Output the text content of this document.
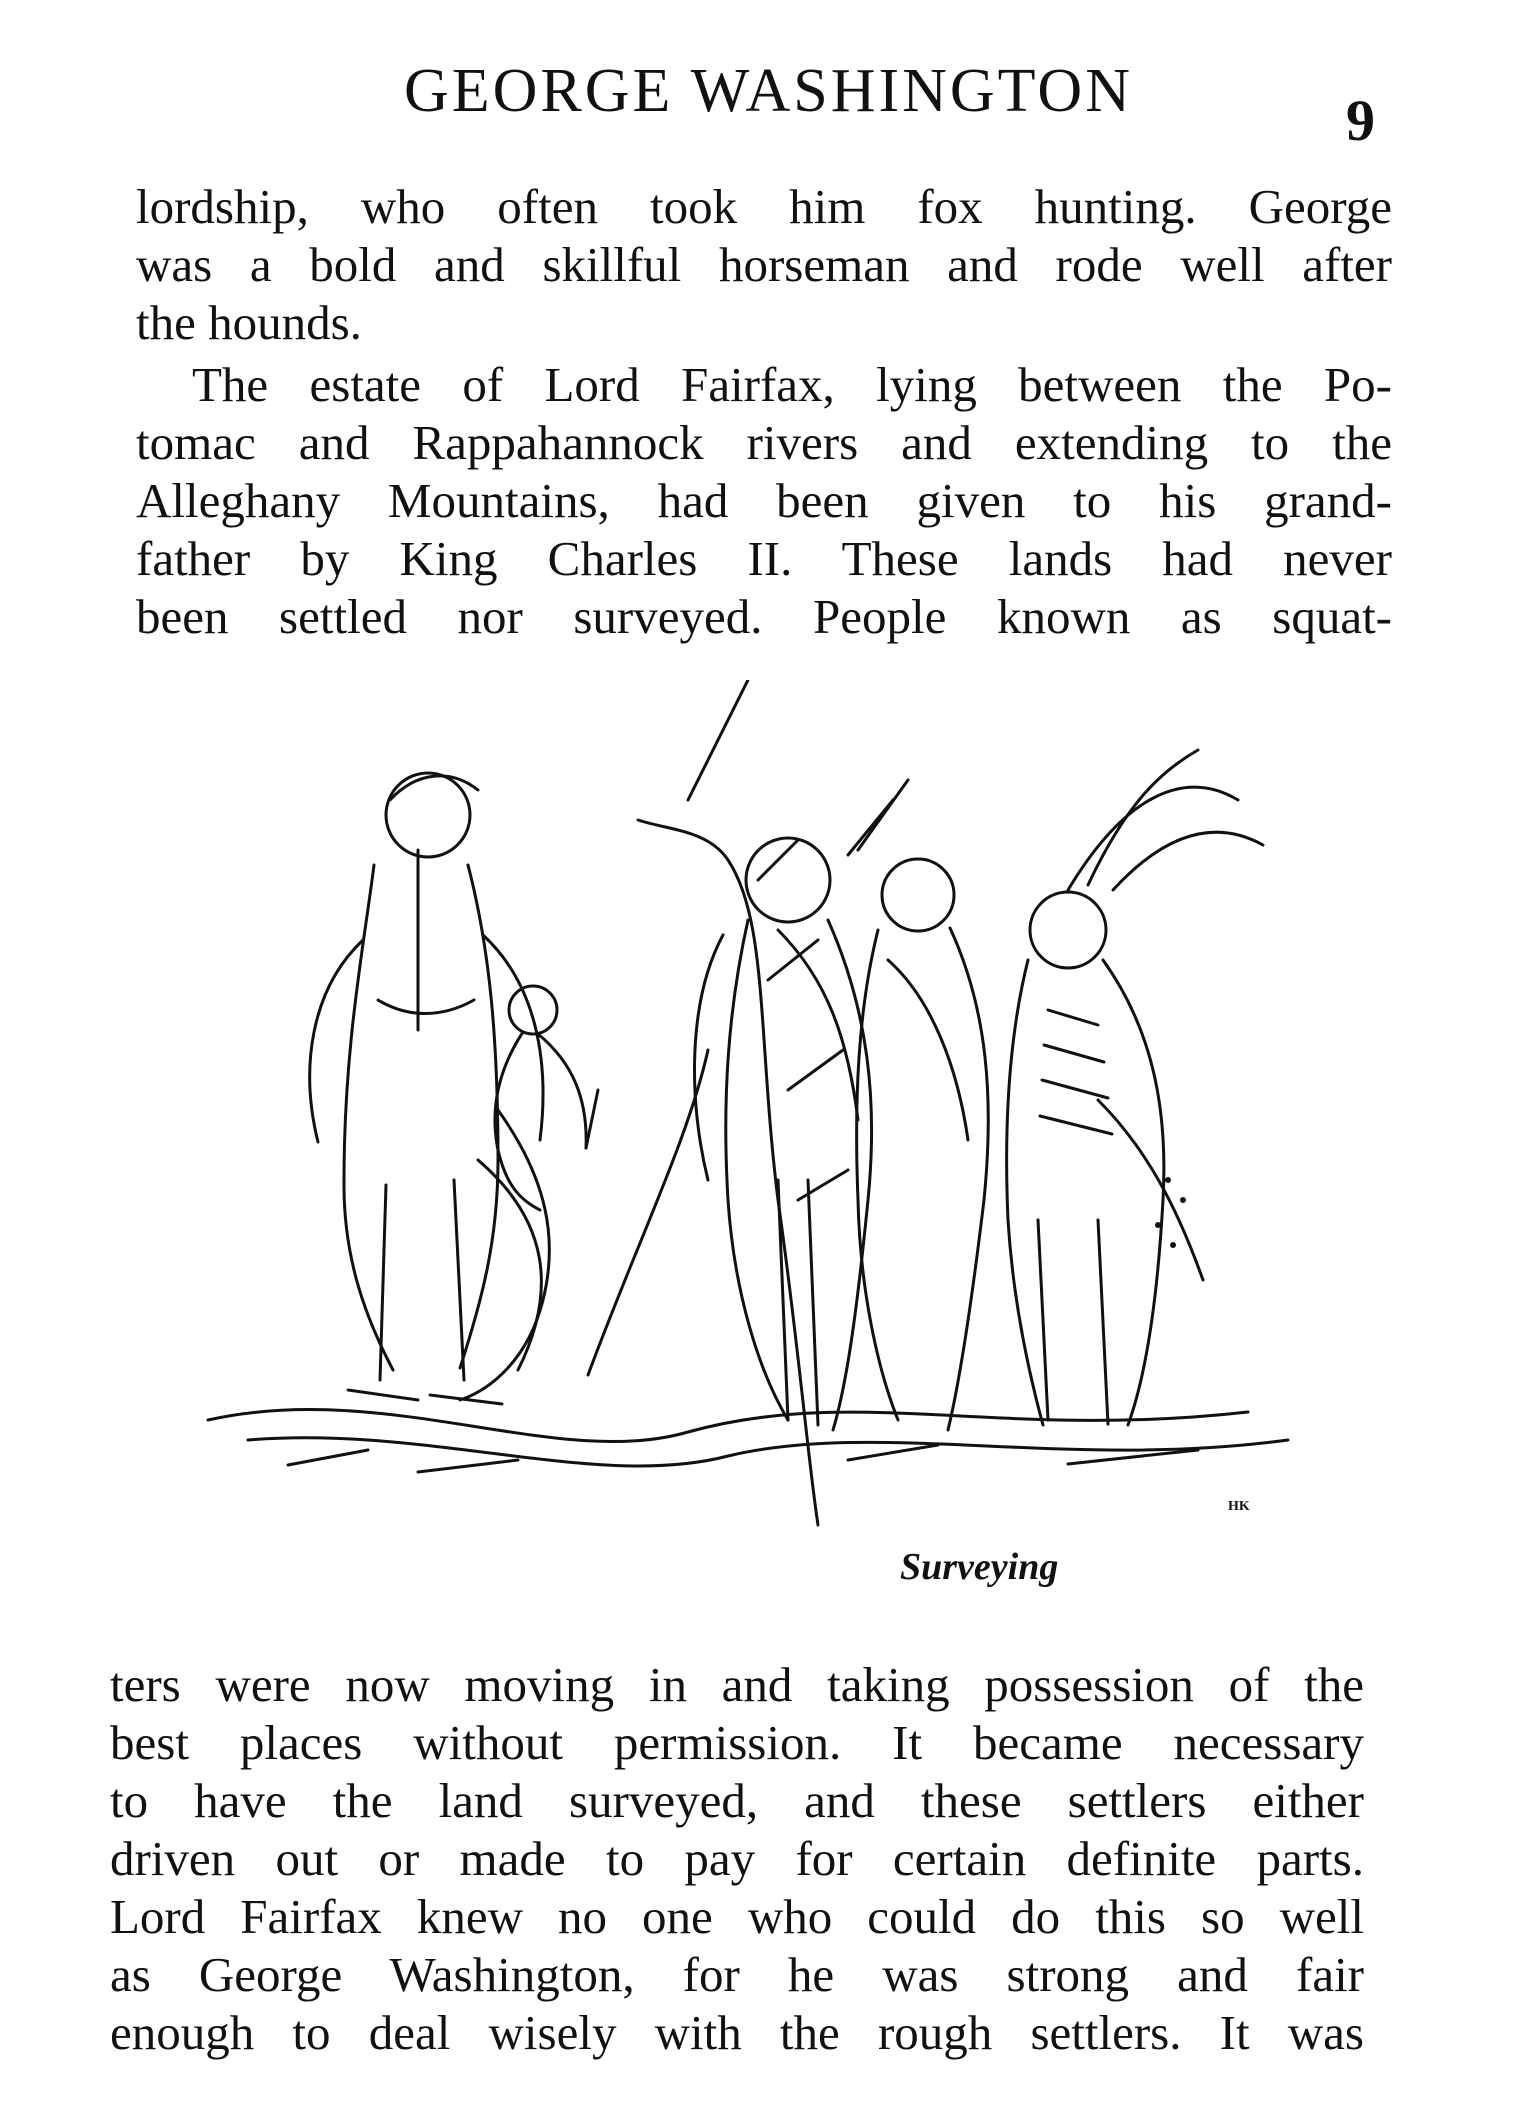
GEORGE WASHINGTON	9
lordship, who often took him fox hunting. George
was a bold and skillful horseman and rode well after
the hounds.
The estate of Lord Fairfax, lying between the Po-
tomac and Rappahannock rivers and extending to the
Alleghany Mountains, had been given to his grand-
father by King Charles II. These lands had never
been settled nor surveyed. People known as squat-
HK
Surveying
ters were now moving in and taking possession of the
best places without permission. It became necessary
to have the land surveyed, and these settlers either
driven out or made to pay for certain definite parts.
Lord Fairfax knew no one who could do this so well
as George Washington, for he was strong and fair
enough to deal wisely with the rough settlers. It was
